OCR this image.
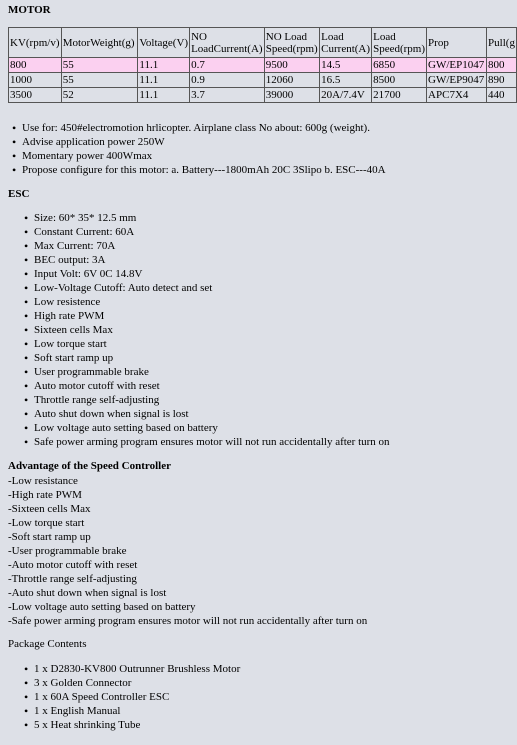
MOTOR
KV(rpm/v)	MotorWeight(g)	Voltage(V)	NO LoadCurrent(A)	NO Load Speed(rpm)	Load Current(A)	Load Speed(rpm)	Prop	Pull(g
800	55	11.1	0.7	9500	14.5	6850	GW/EP1047	800
1000	55	11.1	0.9	12060	16.5	8500	GW/EP9047	890
3500	52	11.1	3.7	39000	20A/7.4V	21700	APC7X4	440
• Use for: 450#electromotion hrlicopter. Airplane class No about: 600g (weight).
• Advise application power 250W
• Momentary power 400Wmax
• Propose configure for this motor: a. Battery---1800mAh 20C 3Slipo b. ESC---40A
ESC
• Size: 60* 35* 12.5 mm
• Constant Current: 60A
• Max Current: 70A
• BEC output: 3A
• Input Volt: 6V 0C 14.8V
• Low-Voltage Cutoff: Auto detect and set
• Low resistence
• High rate PWM
• Sixteen cells Max
• Low torque start
• Soft start ramp up
• User programmable brake
• Auto motor cutoff with reset
• Throttle range self-adjusting
• Auto shut down when signal is lost
• Low voltage auto setting based on battery
• Safe power arming program ensures motor will not run accidentally after turn on
Advantage of the Speed Controller
-Low resistance
-High rate PWM
-Sixteen cells Max
-Low torque start
-Soft start ramp up
-User programmable brake
-Auto motor cutoff with reset
-Throttle range self-adjusting
-Auto shut down when signal is lost
-Low voltage auto setting based on battery
-Safe power arming program ensures motor will not run accidentally after turn on
Package Contents
• 1 x D2830-KV800 Outrunner Brushless Motor
• 3 x Golden Connector
• 1 x 60A Speed Controller ESC
• 1 x English Manual
• 5 x Heat shrinking Tube
